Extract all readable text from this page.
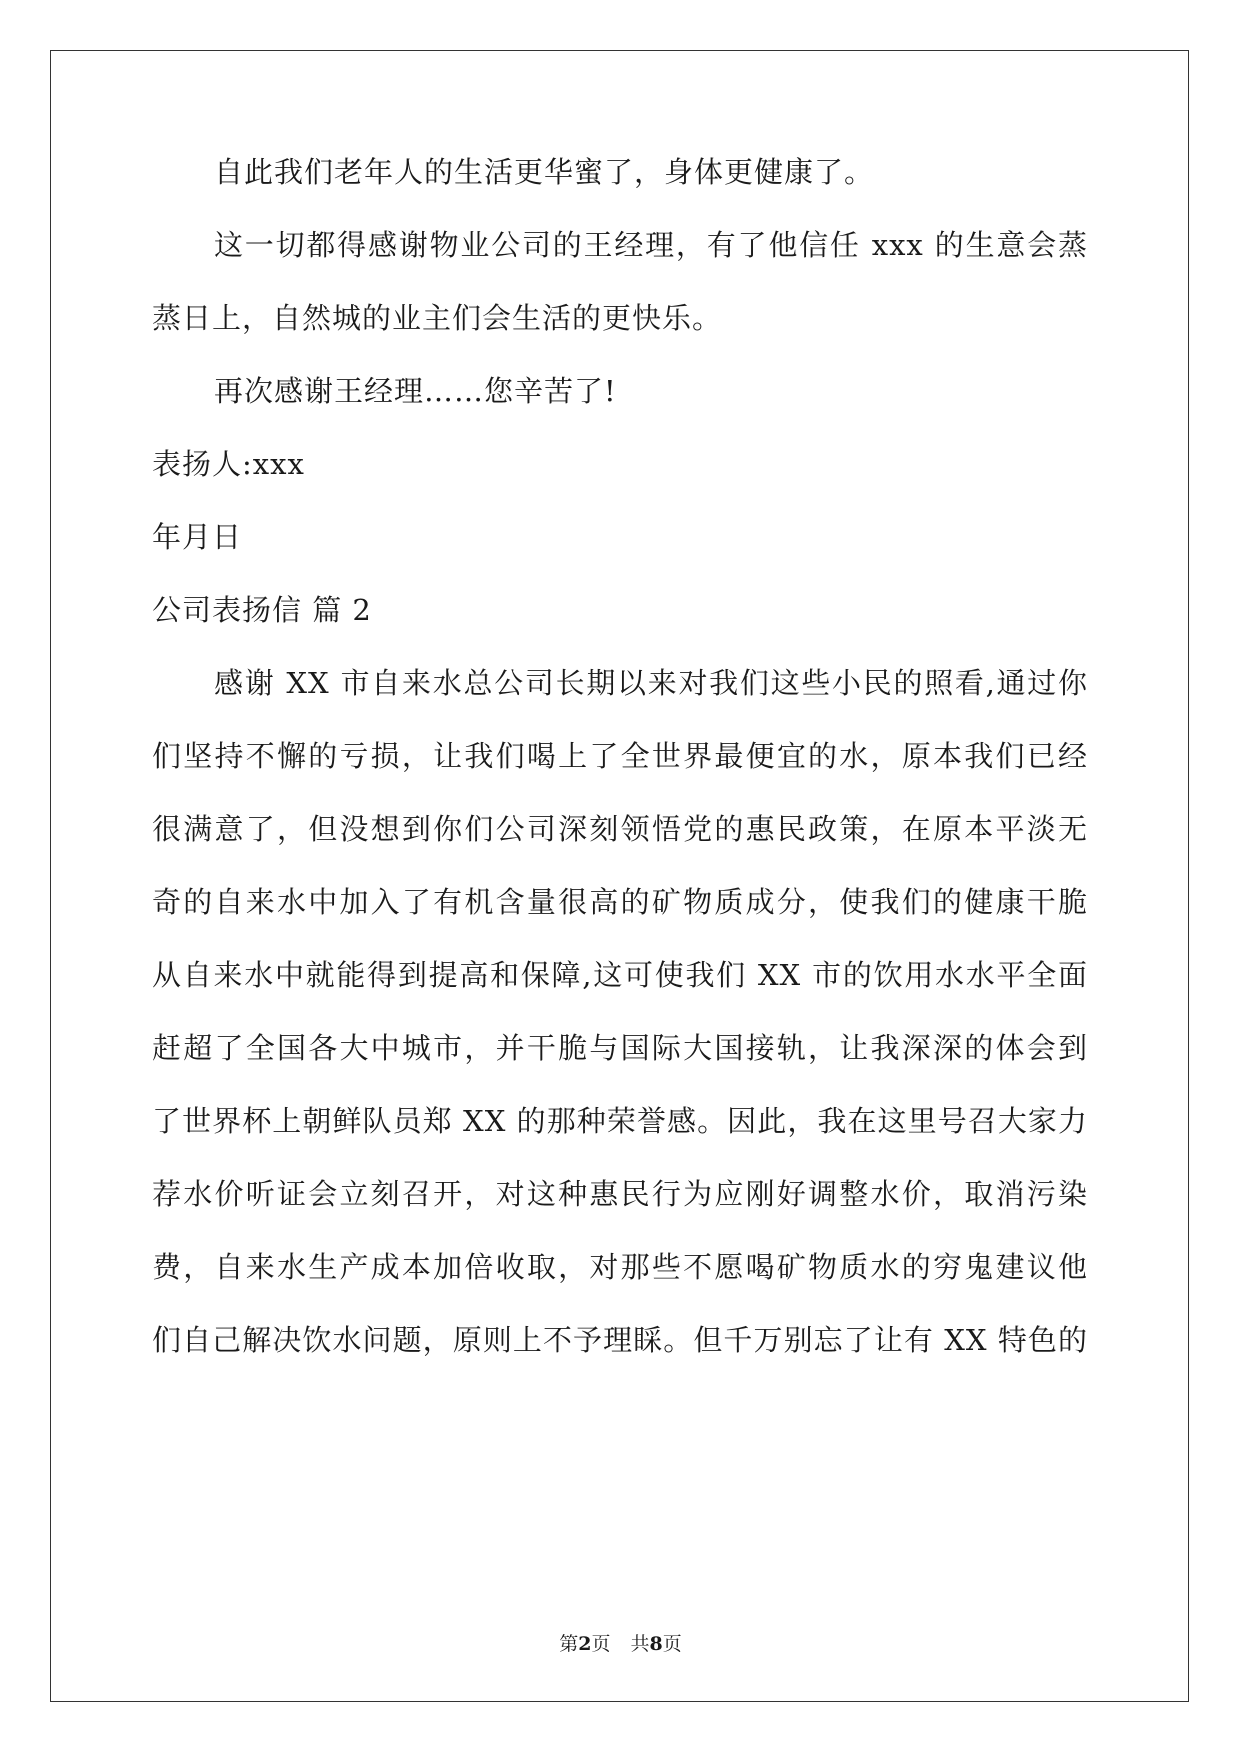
自此我们老年人的生活更华蜜了，身体更健康了。
这一切都得感谢物业公司的王经理，有了他信任 xxx 的生意会蒸
蒸日上，自然城的业主们会生活的更快乐。
再次感谢王经理……您辛苦了!
表扬人:xxx
年月日
公司表扬信 篇 2
感谢 XX 市自来水总公司长期以来对我们这些小民的照看,通过你
们坚持不懈的亏损，让我们喝上了全世界最便宜的水，原本我们已经
很满意了，但没想到你们公司深刻领悟党的惠民政策，在原本平淡无
奇的自来水中加入了有机含量很高的矿物质成分，使我们的健康干脆
从自来水中就能得到提高和保障,这可使我们 XX 市的饮用水水平全面
赶超了全国各大中城市，并干脆与国际大国接轨，让我深深的体会到
了世界杯上朝鲜队员郑 XX 的那种荣誉感。因此，我在这里号召大家力
荐水价听证会立刻召开，对这种惠民行为应刚好调整水价，取消污染
费，自来水生产成本加倍收取，对那些不愿喝矿物质水的穷鬼建议他
们自己解决饮水问题，原则上不予理睬。但千万别忘了让有 XX 特色的
第2页 共8页
